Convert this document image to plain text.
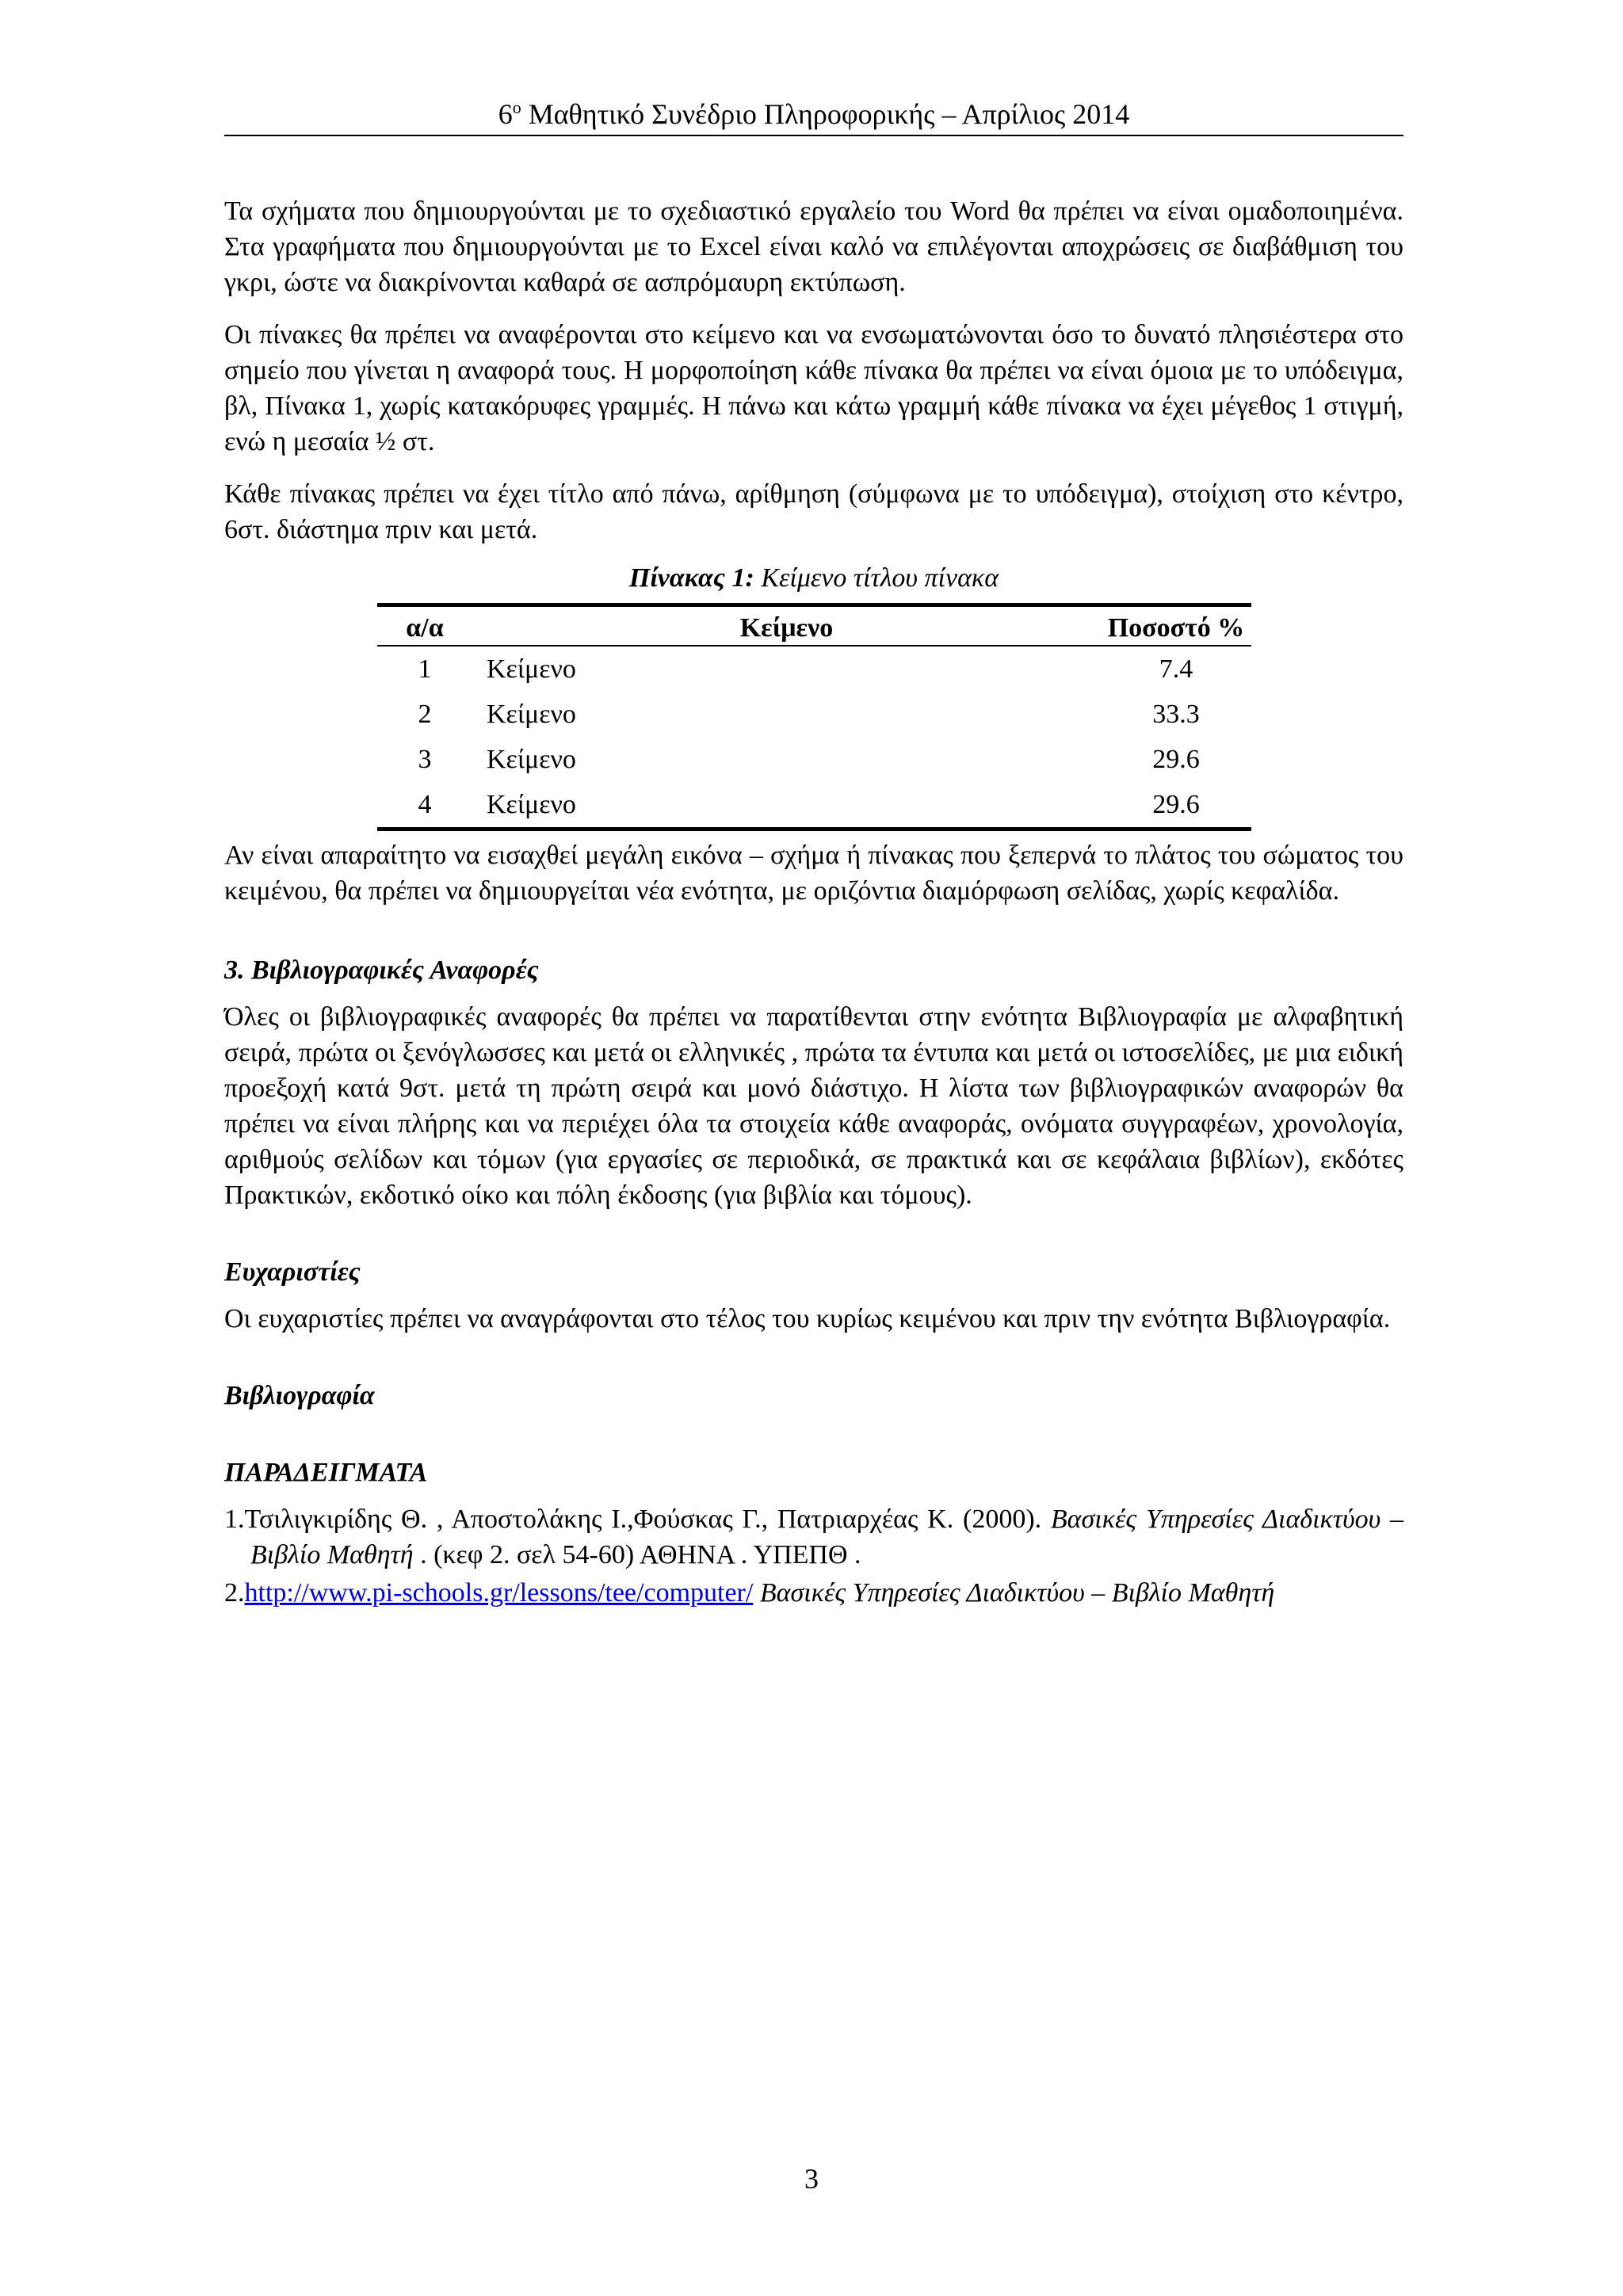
$6^o$ Μαθητικό Συνέδριο Πληροφορικής – Απρίλιος 2014

Τα σχήματα που δημιουργούνται με το σχεδιαστικό εργαλείο του Word θα πρέπει να είναι ομαδοποιημένα. Στα γραφήματα που δημιουργούνται με το Excel είναι καλό να επιλέγονται αποχρώσεις σε διαβάθμιση του γκρι, ώστε να διακρίνονται καθαρά σε ασπρόμαυρη εκτύπωση.

Οι πίνακες θα πρέπει να αναφέρονται στο κείμενο και να ενσωματώνονται όσο το δυνατό πλησιέστερα στο σημείο που γίνεται η αναφορά τους. Η μορφοποίηση κάθε πίνακα θα πρέπει να είναι όμοια με το υπόδειγμα, βλ, Πίνακα 1, χωρίς κατακόρυφες γραμμές. Η πάνω και κάτω γραμμή κάθε πίνακα να έχει μέγεθος 1 στιγμή, ενώ η μεσαία ½ στ.

Κάθε πίνακας πρέπει να έχει τίτλο από πάνω, αρίθμηση (σύμφωνα με το υπόδειγμα), στοίχιση στο κέντρο, 6στ. διάστημα πριν και μετά.

Πίνακας 1: Κείμενο τίτλου πίνακα
α/α	Κείμενο	Ποσοστό %
1	Κείμενο	7.4
2	Κείμενο	33.3
3	Κείμενο	29.6
4	Κείμενο	29.6

Αν είναι απαραίτητο να εισαχθεί μεγάλη εικόνα – σχήμα ή πίνακας που ξεπερνά το πλάτος του σώματος του κειμένου, θα πρέπει να δημιουργείται νέα ενότητα, με οριζόντια διαμόρφωση σελίδας, χωρίς κεφαλίδα.

3. Βιβλιογραφικές Αναφορές

Όλες οι βιβλιογραφικές αναφορές θα πρέπει να παρατίθενται στην ενότητα Βιβλιογραφία με αλφαβητική σειρά, πρώτα οι ξενόγλωσσες και μετά οι ελληνικές , πρώτα τα έντυπα και μετά οι ιστοσελίδες, με μια ειδική προεξοχή κατά 9στ. μετά τη πρώτη σειρά και μονό διάστιχο. Η λίστα των βιβλιογραφικών αναφορών θα πρέπει να είναι πλήρης και να περιέχει όλα τα στοιχεία κάθε αναφοράς, ονόματα συγγραφέων, χρονολογία, αριθμούς σελίδων και τόμων (για εργασίες σε περιοδικά, σε πρακτικά και σε κεφάλαια βιβλίων), εκδότες Πρακτικών, εκδοτικό οίκο και πόλη έκδοσης (για βιβλία και τόμους).

Ευχαριστίες

Οι ευχαριστίες πρέπει να αναγράφονται στο τέλος του κυρίως κειμένου και πριν την ενότητα Βιβλιογραφία.

Βιβλιογραφία
ΠΑΡΑΔΕΙΓΜΑΤΑ

1.Τσιλιγκιρίδης Θ. , Αποστολάκης Ι.,Φούσκας Γ., Πατριαρχέας Κ. (2000). Βασικές Υπηρεσίες Διαδικτύου – Βιβλίο Μαθητή . (κεφ 2. σελ 54-60) ΑΘΗΝΑ . ΥΠΕΠΘ .

2.http://www.pi-schools.gr/lessons/tee/computer/ Βασικές Υπηρεσίες Διαδικτύου – Βιβλίο Μαθητή

3
